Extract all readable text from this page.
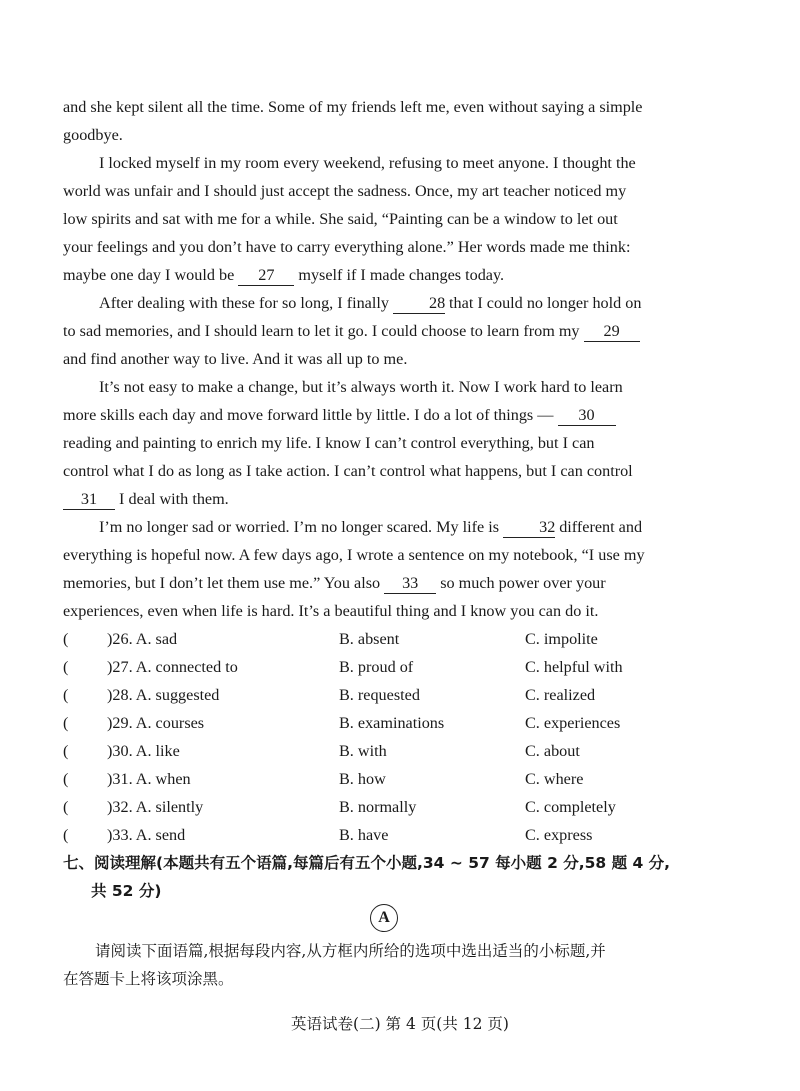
and she kept silent all the time. Some of my friends left me, even without saying a simple
goodbye.
I locked myself in my room every weekend, refusing to meet anyone. I thought the
world was unfair and I should just accept the sadness. Once, my art teacher noticed my
low spirits and sat with me for a while. She said, “Painting can be a window to let out
your feelings and you don’t have to carry everything alone.” Her words made me think:
maybe one day I would be 27 myself if I made changes today.
After dealing with these for so long, I finally 28 that I could no longer hold on
to sad memories, and I should learn to let it go. I could choose to learn from my 29
and find another way to live. And it was all up to me.
It’s not easy to make a change, but it’s always worth it. Now I work hard to learn
more skills each day and move forward little by little. I do a lot of things — 30
reading and painting to enrich my life. I know I can’t control everything, but I can
control what I do as long as I take action. I can’t control what happens, but I can control
31 I deal with them.
I’m no longer sad or worried. I’m no longer scared. My life is 32 different and
everything is hopeful now. A few days ago, I wrote a sentence on my notebook, “I use my
memories, but I don’t let them use me.” You also 33 so much power over your
experiences, even when life is hard. It’s a beautiful thing and I know you can do it.
( )26. A. sad	B. absent	C. impolite
( )27. A. connected to	B. proud of	C. helpful with
( )28. A. suggested	B. requested	C. realized
( )29. A. courses	B. examinations	C. experiences
( )30. A. like	B. with	C. about
( )31. A. when	B. how	C. where
( )32. A. silently	B. normally	C. completely
( )33. A. send	B. have	C. express
七、阅读理解(本题共有五个语篇,每篇后有五个小题,34 ~ 57 每小题 2 分,58 题 4 分,
共 52 分)
A
请阅读下面语篇,根据每段内容,从方框内所给的选项中选出适当的小标题,并
在答题卡上将该项涂黑。
英语试卷(二) 第 4 页(共 12 页)
